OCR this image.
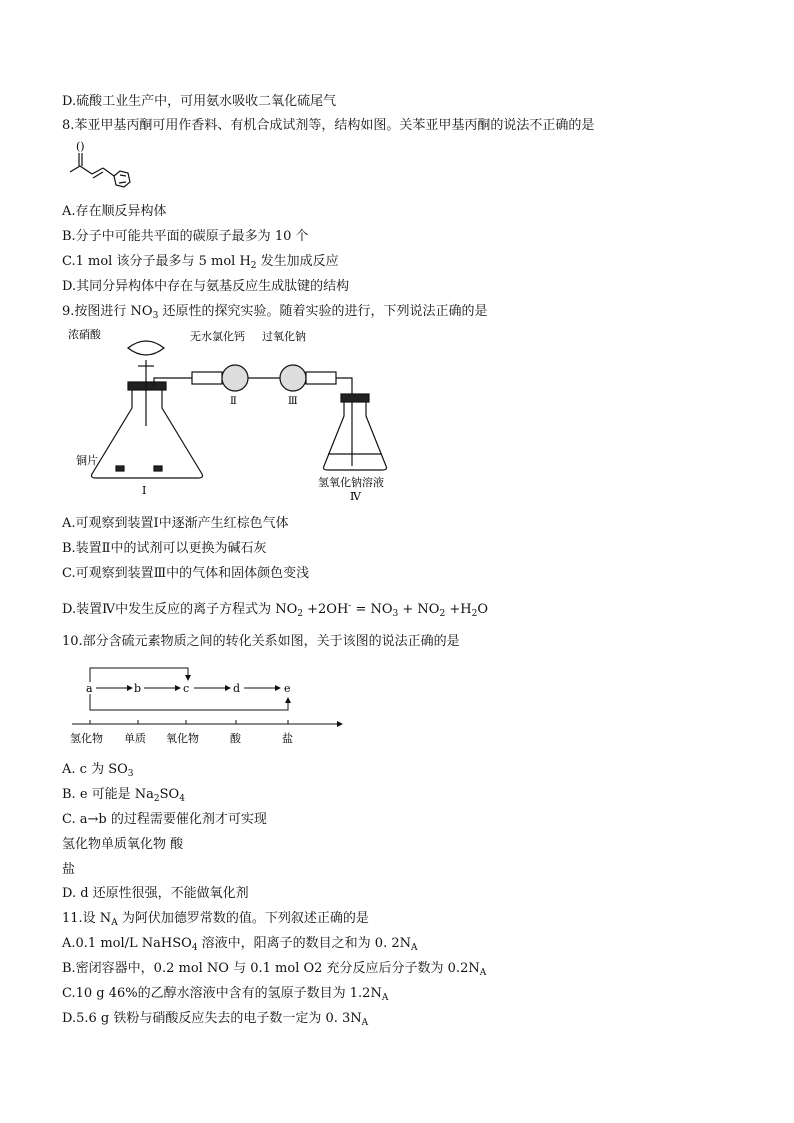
D.硫酸工业生产中，可用氨水吸收二氧化硫尾气
8.苯亚甲基丙酮可用作香料、有机合成试剂等，结构如图。关苯亚甲基丙酮的说法不正确的是
()
A.存在顺反异构体
B.分子中可能共平面的碳原子最多为 10 个
C.1 mol 该分子最多与 5 mol $H_2$ 发生加成反应
D.其同分异构体中存在与氨基反应生成肽键的结构
9.按图进行 $NO_3$ 还原性的探究实验。随着实验的进行，下列说法正确的是
浓硝酸	无水氯化钙 过氧化钠
铜片
氢氧化钠溶液
Ⅰ
Ⅱ	Ⅲ
Ⅳ
A.可观察到装置Ⅰ中逐渐产生红棕色气体
B.装置Ⅱ中的试剂可以更换为碱石灰
C.可观察到装置Ⅲ中的气体和固体颜色变浅
D.装置Ⅳ中发生反应的离子方程式为 $NO_2 +2OH^- = NO_3 + NO_2 +H_2O$
10.部分含硫元素物质之间的转化关系如图，关于该图的说法正确的是
a	b	c	d	e
氢化物 单质 氧化物	酸	盐
A. c 为 $SO_3$
B. e 可能是 $Na_2SO_4$
C. a→b 的过程需要催化剂才可实现
氢化物单质氧化物 酸
盐
D. d 还原性很强，不能做氧化剂
11.设 $N_A$ 为阿伏加德罗常数的值。下列叙述正确的是
A.0.1 mol/L NaHSO$_4$ 溶液中，阳离子的数目之和为 0. $2N_A$
B.密闭容器中，0.2 mol NO 与 0.1 mol O2 充分反应后分子数为 $0.2N_A$
C.10 g 46%的乙醇水溶液中含有的氢原子数目为 $1.2N_A$
D.5.6 g 铁粉与硝酸反应失去的电子数一定为 0. $3N_A$
